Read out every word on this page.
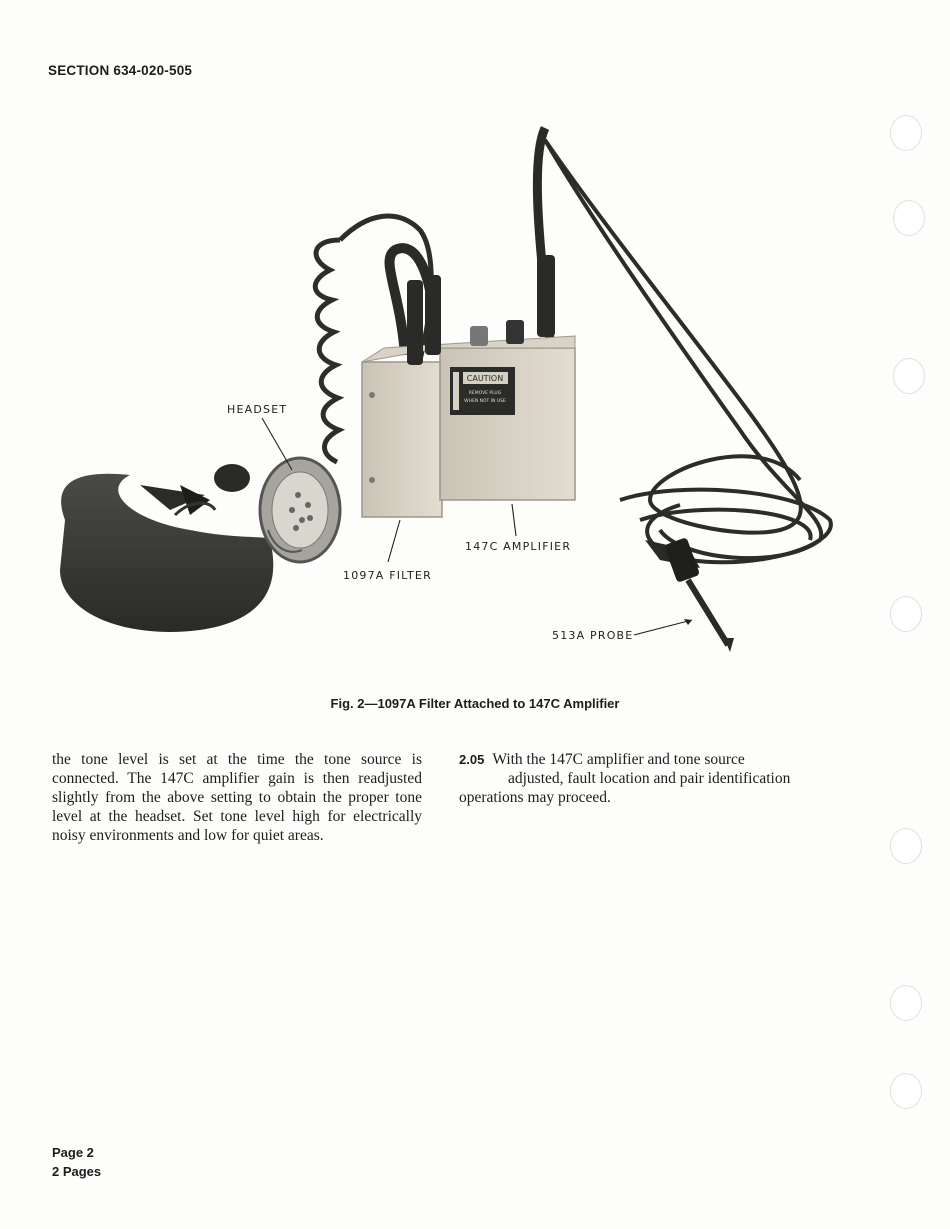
SECTION 634-020-505
CAUTION
REMOVE PLUG
WHEN NOT IN USE
HEADSET
1097A FILTER
147C AMPLIFIER
513A PROBE
Fig. 2—1097A Filter Attached to 147C Amplifier
the tone level is set at the time the tone source is connected. The 147C amplifier gain is then readjusted slightly from the above setting to obtain the proper tone level at the headset. Set tone level high for electrically noisy environments and low for quiet areas.
2.05 With the 147C amplifier and tone source
adjusted, fault location and pair identification
operations may proceed.
Page 2
2 Pages
